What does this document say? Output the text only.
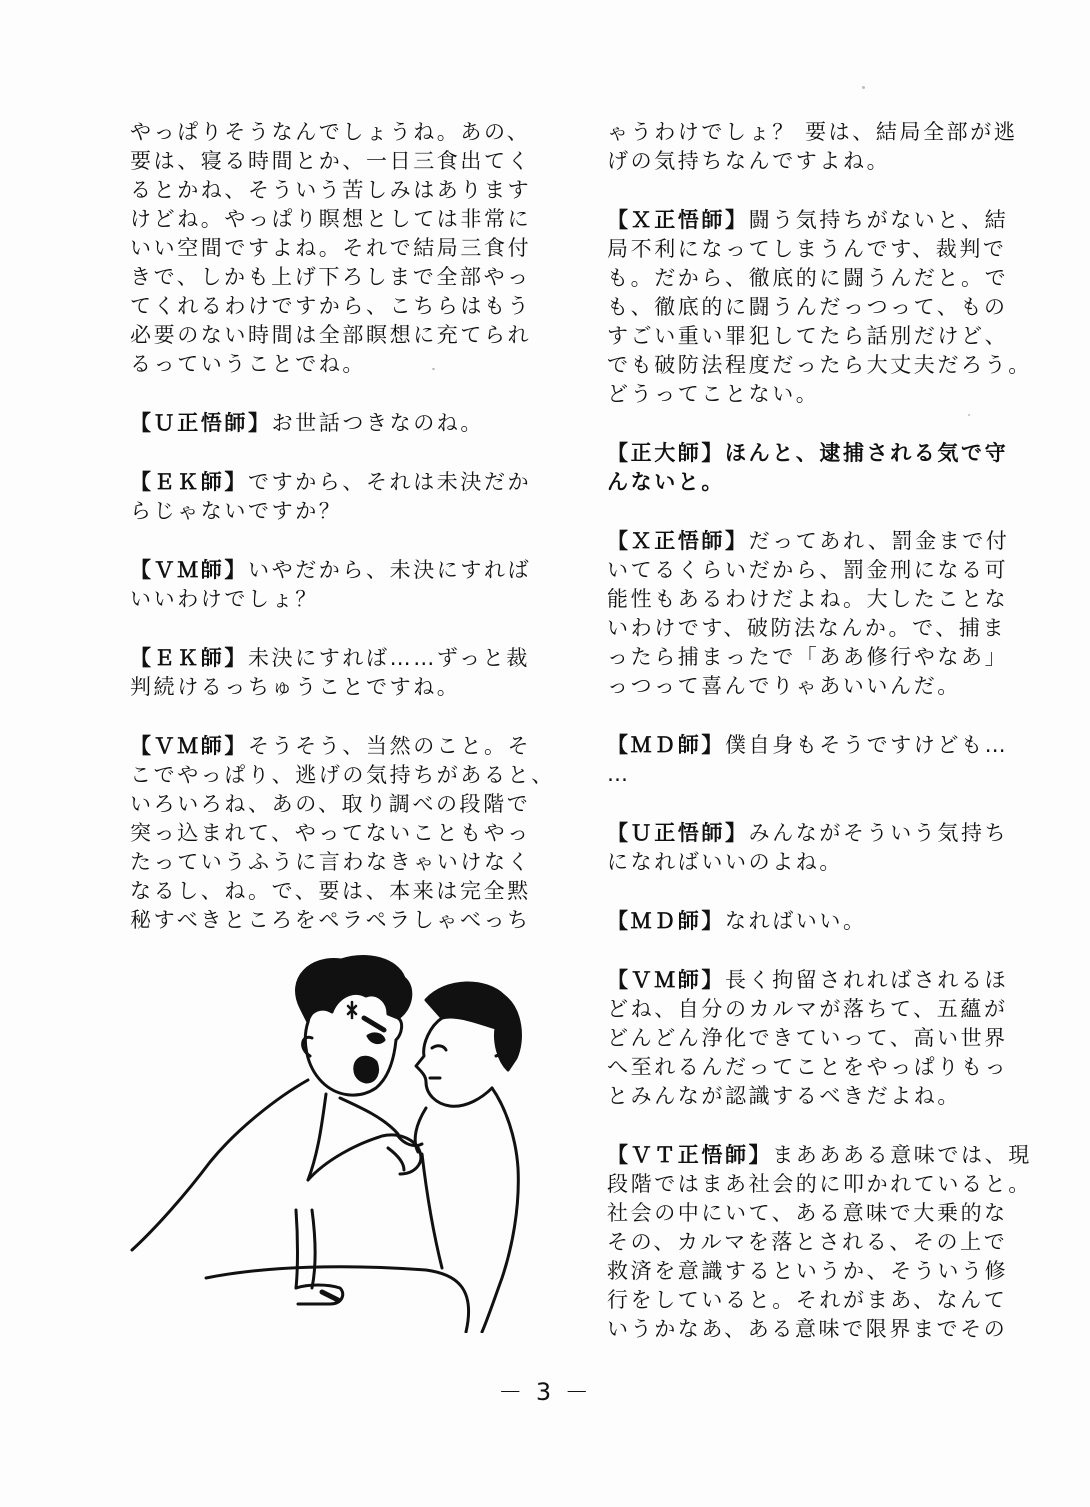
やっぱりそうなんでしょうね。あの、
要は、寝る時間とか、一日三食出てく
るとかね、そういう苦しみはあります
けどね。やっぱり瞑想としては非常に
いい空間ですよね。それで結局三食付
きで、しかも上げ下ろしまで全部やっ
てくれるわけですから、こちらはもう
必要のない時間は全部瞑想に充てられ
るっていうことでね。
【Ｕ正悟師】お世話つきなのね。
【ＥＫ師】ですから、それは未決だか
らじゃないですか？
【ＶＭ師】いやだから、未決にすれば
いいわけでしょ？
【ＥＫ師】未決にすれば……ずっと裁
判続けるっちゅうことですね。
【ＶＭ師】そうそう、当然のこと。そ
こでやっぱり、逃げの気持ちがあると、
いろいろね、あの、取り調べの段階で
突っ込まれて、やってないこともやっ
たっていうふうに言わなきゃいけなく
なるし、ね。で、要は、本来は完全黙
秘すべきところをペラペラしゃべっち
ゃうわけでしょ？ 要は、結局全部が逃
げの気持ちなんですよね。
【Ｘ正悟師】闘う気持ちがないと、結
局不利になってしまうんです、裁判で
も。だから、徹底的に闘うんだと。で
も、徹底的に闘うんだっつって、もの
すごい重い罪犯してたら話別だけど、
でも破防法程度だったら大丈夫だろう。
どうってことない。
【正大師】ほんと、逮捕される気で守
んないと。
【Ｘ正悟師】だってあれ、罰金まで付
いてるくらいだから、罰金刑になる可
能性もあるわけだよね。大したことな
いわけです、破防法なんか。で、捕ま
ったら捕まったで「ああ修行やなあ」
っつって喜んでりゃあいいんだ。
【ＭＤ師】僕自身もそうですけども…
…
【Ｕ正悟師】みんながそういう気持ち
になればいいのよね。
【ＭＤ師】なればいい。
【ＶＭ師】長く拘留されればされるほ
どね、自分のカルマが落ちて、五蘊が
どんどん浄化できていって、高い世界
へ至れるんだってことをやっぱりもっ
とみんなが認識するべきだよね。
【ＶＴ正悟師】まああある意味では、現
段階ではまあ社会的に叩かれていると。
社会の中にいて、ある意味で大乗的な
その、カルマを落とされる、その上で
救済を意識するというか、そういう修
行をしていると。それがまあ、なんて
いうかなあ、ある意味で限界までその
－ 3 －
